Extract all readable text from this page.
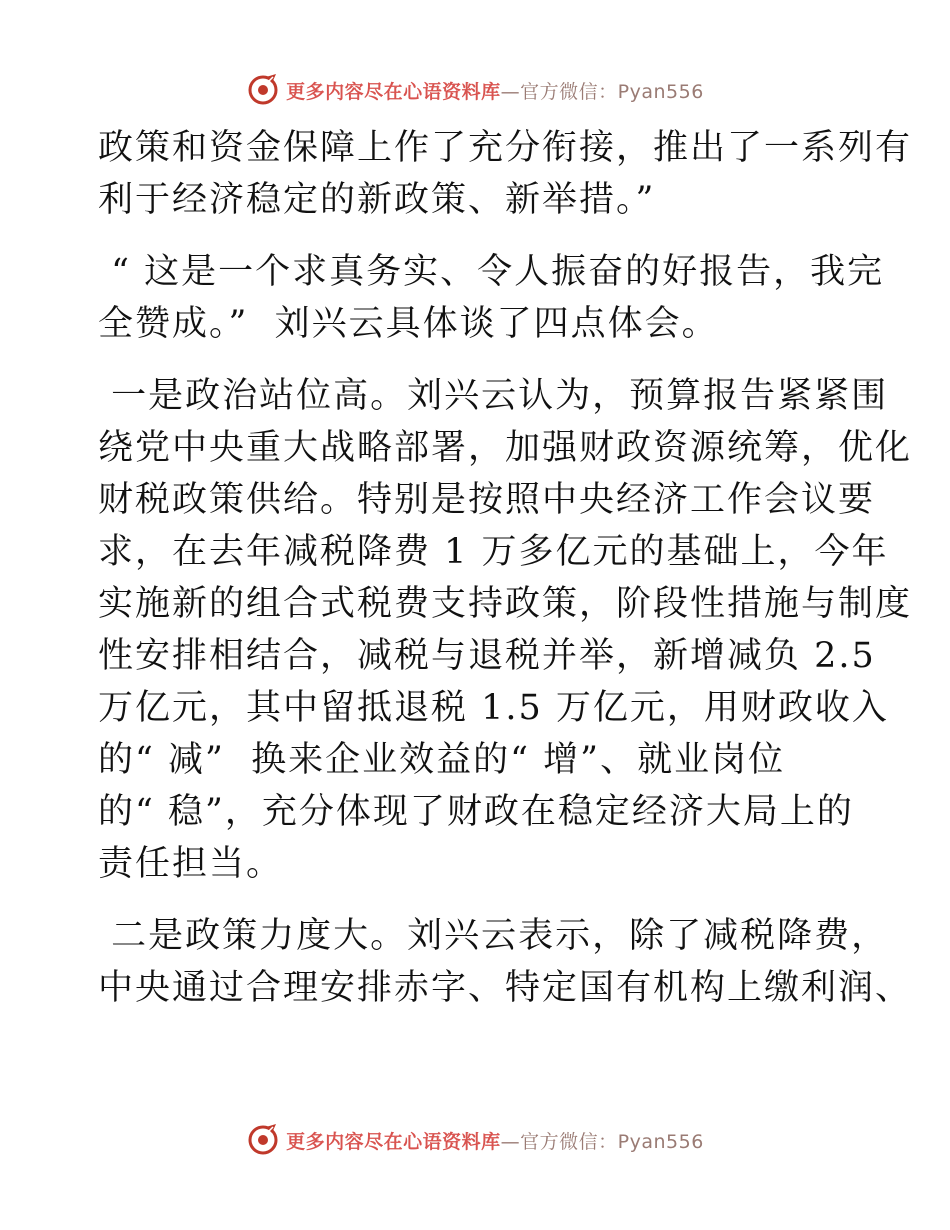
更多内容尽在心语资料库—官方微信：Pyan556
政策和资金保障上作了充分衔接，推出了一系列有
利于经济稳定的新政策、新举措。”
“ 这是一个求真务实、令人振奋的好报告，我完
全赞成。”  刘兴云具体谈了四点体会。
一是政治站位高。刘兴云认为，预算报告紧紧围
绕党中央重大战略部署，加强财政资源统筹，优化
财税政策供给。特别是按照中央经济工作会议要
求，在去年减税降费 1 万多亿元的基础上，今年
实施新的组合式税费支持政策，阶段性措施与制度
性安排相结合，减税与退税并举，新增减负 2.5
万亿元，其中留抵退税 1.5 万亿元，用财政收入
的“ 减”  换来企业效益的“ 增”、就业岗位
的“ 稳”，充分体现了财政在稳定经济大局上的
责任担当。
二是政策力度大。刘兴云表示，除了减税降费，
中央通过合理安排赤字、特定国有机构上缴利润、
更多内容尽在心语资料库—官方微信：Pyan556
